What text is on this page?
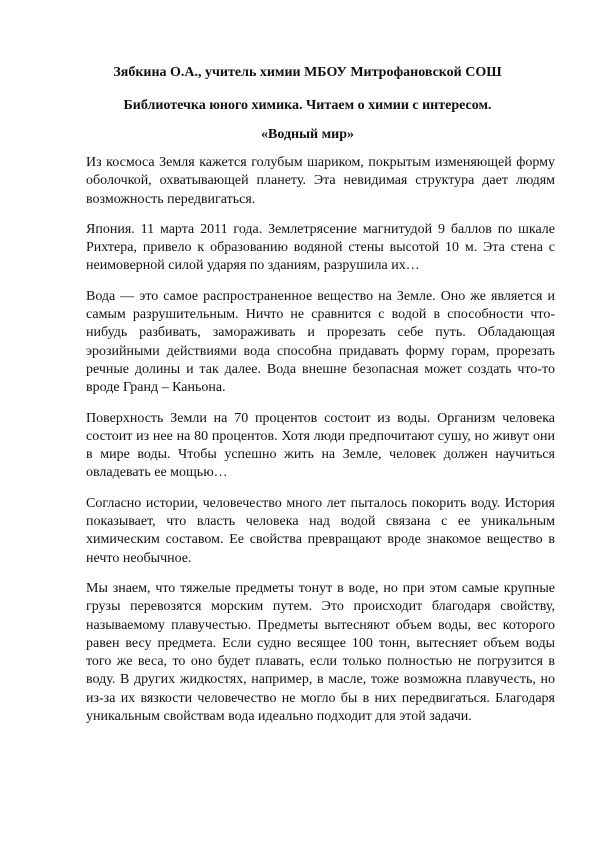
Зябкина О.А., учитель химии МБОУ Митрофановской СОШ
Библиотечка юного химика. Читаем о химии с интересом.
«Водный мир»

Из космоса Земля кажется голубым шариком, покрытым изменяющей форму оболочкой, охватывающей планету. Эта невидимая структура дает людям возможность передвигаться.

Япония. 11 марта 2011 года. Землетрясение магнитудой 9 баллов по шкале Рихтера, привело к образованию водяной стены высотой 10 м. Эта стена с неимоверной силой ударяя по зданиям, разрушила их…

Вода — это самое распространенное вещество на Земле. Оно же является и самым разрушительным. Ничто не сравнится с водой в способности что-нибудь разбивать, замораживать и прорезать себе путь. Обладающая эрозийными действиями вода способна придавать форму горам, прорезать речные долины и так далее. Вода внешне безопасная может создать что-то вроде Гранд – Каньона.

Поверхность Земли на 70 процентов состоит из воды. Организм человека состоит из нее на 80 процентов. Хотя люди предпочитают сушу, но живут они в мире воды. Чтобы успешно жить на Земле, человек должен научиться овладевать ее мощью…

Согласно истории, человечество много лет пыталось покорить воду. История показывает, что власть человека над водой связана с ее уникальным химическим составом. Ее свойства превращают вроде знакомое вещество в нечто необычное.

Мы знаем, что тяжелые предметы тонут в воде, но при этом самые крупные грузы перевозятся морским путем. Это происходит благодаря свойству, называемому плавучестью. Предметы вытесняют объем воды, вес которого равен весу предмета. Если судно весящее 100 тонн, вытесняет объем воды того же веса, то оно будет плавать, если только полностью не погрузится в воду. В других жидкостях, например, в масле, тоже возможна плавучесть, но из-за их вязкости человечество не могло бы в них передвигаться. Благодаря уникальным свойствам вода идеально подходит для этой задачи.
